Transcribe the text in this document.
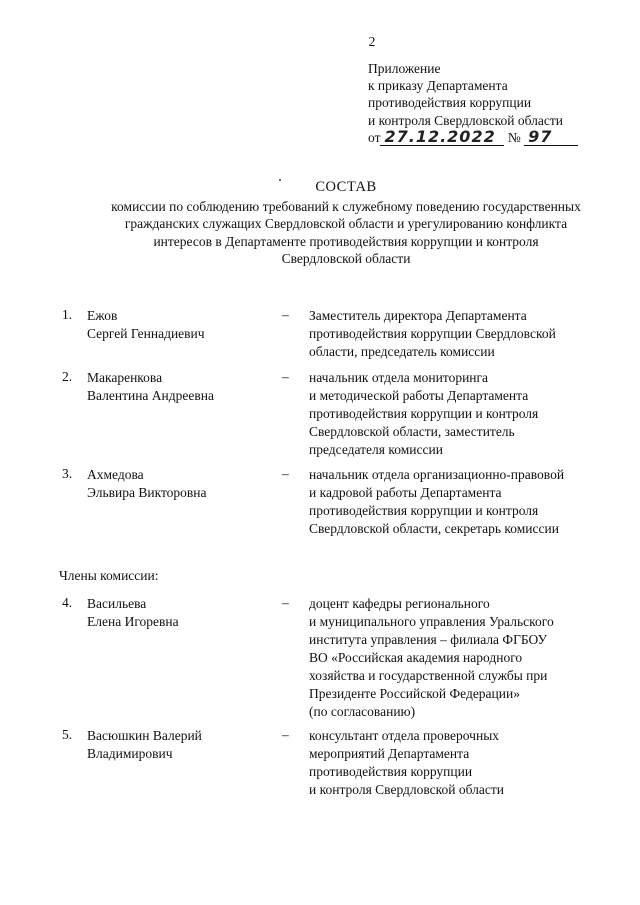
2
Приложение
к приказу Департамента
противодействия коррупции
и контроля Свердловской области
от 27.12.2022 № 97
СОСТАВ
комиссии по соблюдению требований к служебному поведению государственных
гражданских служащих Свердловской области и урегулированию конфликта
интересов в Департаменте противодействия коррупции и контроля
Свердловской области
1.	Ежов
Сергей Геннадиевич
– Заместитель директора Департамента
противодействия коррупции Свердловской
области, председатель комиссии
2.	Макаренкова
Валентина Андреевна
– начальник отдела мониторинга
и методической работы Департамента
противодействия коррупции и контроля
Свердловской области, заместитель
председателя комиссии
3.	Ахмедова
Эльвира Викторовна
– начальник отдела организационно-правовой
и кадровой работы Департамента
противодействия коррупции и контроля
Свердловской области, секретарь комиссии
Члены комиссии:
4.	Васильева
Елена Игоревна
– доцент кафедры регионального
и муниципального управления Уральского
института управления – филиала ФГБОУ
ВО «Российская академия народного
хозяйства и государственной службы при
Президенте Российской Федерации»
(по согласованию)
5.	Васюшкин Валерий
Владимирович
– консультант отдела проверочных
мероприятий Департамента
противодействия коррупции
и контроля Свердловской области
